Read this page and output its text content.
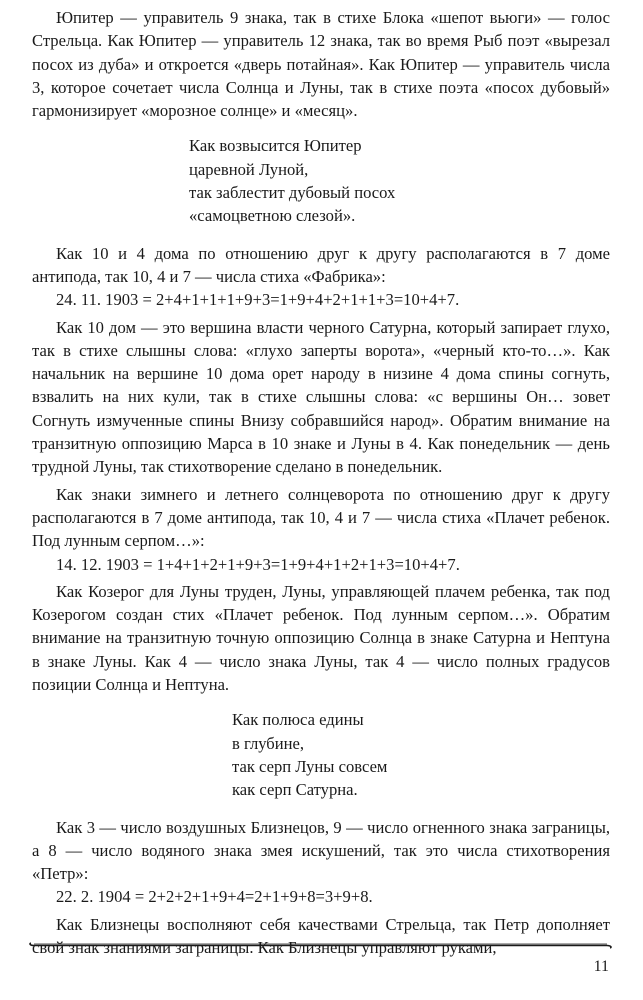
Юпитер — управитель 9 знака, так в стихе Блока «шепот вьюги» — голос Стрельца. Как Юпитер — управитель 12 знака, так во время Рыб поэт «вырезал посох из дуба» и откроется «дверь потайная». Как Юпитер — управитель числа 3, которое сочетает числа Солнца и Луны, так в стихе поэта «посох дубовый» гармонизирует «морозное солнце» и «месяц».

Как возвысится Юпитер
царевной Луной,
так заблестит дубовый посох
«самоцветною слезой».

Как 10 и 4 дома по отношению друг к другу располагаются в 7 доме антипода, так 10, 4 и 7 — числа стиха «Фабрика»:

24. 11. 1903 = 2+4+1+1+1+9+3=1+9+4+2+1+1+3=10+4+7.

Как 10 дом — это вершина власти черного Сатурна, который запирает глухо, так в стихе слышны слова: «глухо заперты ворота», «черный кто-то…». Как начальник на вершине 10 дома орет народу в низине 4 дома спины согнуть, взвалить на них кули, так в стихе слышны слова: «с вершины Он… зовет Согнуть измученные спины Внизу собравшийся народ». Обратим внимание на транзитную оппозицию Марса в 10 знаке и Луны в 4. Как понедельник — день трудной Луны, так стихотворение сделано в понедельник.

Как знаки зимнего и летнего солнцеворота по отношению друг к другу располагаются в 7 доме антипода, так 10, 4 и 7 — числа стиха «Плачет ребенок. Под лунным серпом…»:

14. 12. 1903 = 1+4+1+2+1+9+3=1+9+4+1+2+1+3=10+4+7.

Как Козерог для Луны труден, Луны, управляющей плачем ребенка, так под Козерогом создан стих «Плачет ребенок. Под лунным серпом…». Обратим внимание на транзитную точную оппозицию Солнца в знаке Сатурна и Нептуна в знаке Луны. Как 4 — число знака Луны, так 4 — число полных градусов позиции Солнца и Нептуна.

Как полюса едины
в глубине,
так серп Луны совсем
как серп Сатурна.

Как 3 — число воздушных Близнецов, 9 — число огненного знака заграницы, а 8 — число водяного знака змея искушений, так это числа стихотворения «Петр»:

22. 2. 1904 = 2+2+2+1+9+4=2+1+9+8=3+9+8.

Как Близнецы восполняют себя качествами Стрельца, так Петр дополняет свой знак знаниями заграницы. Как Близнецы управляют руками,

11
